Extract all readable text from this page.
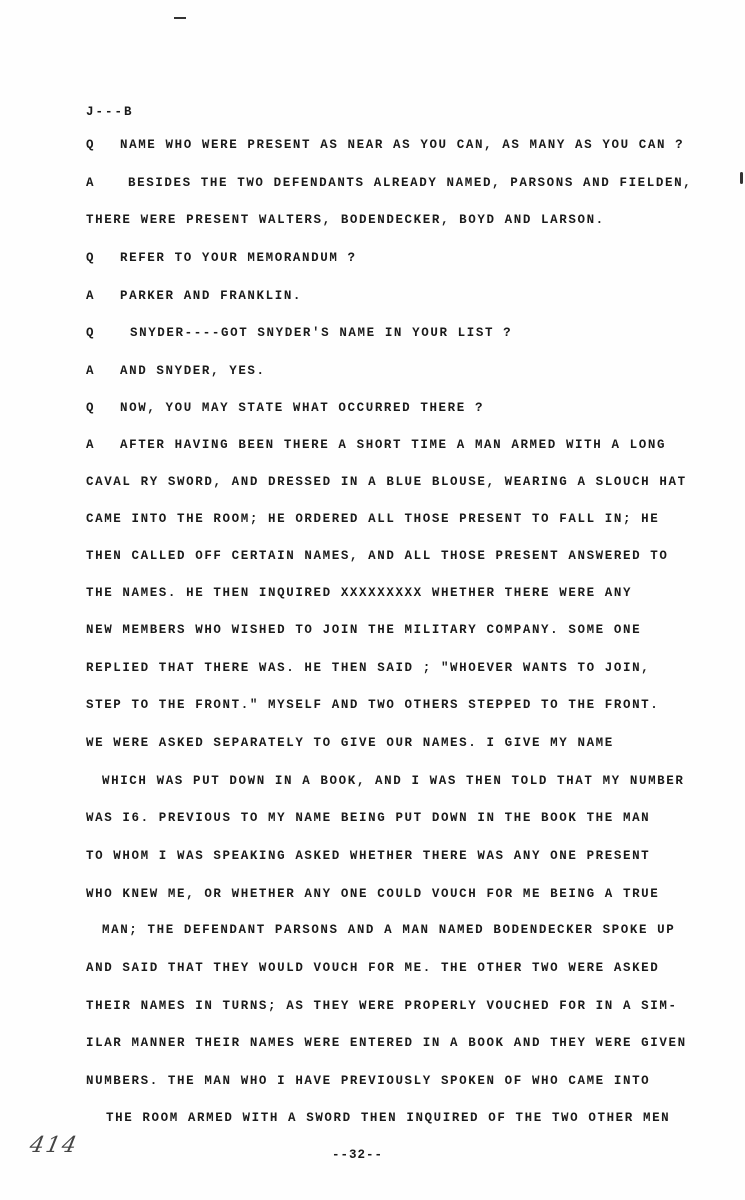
J---B
Q NAME WHO WERE PRESENT AS NEAR AS YOU CAN, AS MANY AS YOU CAN ?
A	BESIDES THE TWO DEFENDANTS ALREADY NAMED, PARSONS AND FIELDEN,
THERE WERE PRESENT WALTERS, BODENDECKER, BOYD AND LARSON.
Q REFER TO YOUR MEMORANDUM ?
A PARKER AND FRANKLIN.
Q	SNYDER----GOT SNYDER'S NAME IN YOUR LIST ?
A AND SNYDER, YES.
Q NOW, YOU MAY STATE WHAT OCCURRED THERE ?
A AFTER HAVING BEEN THERE A SHORT TIME A MAN ARMED WITH A LONG
CAVAL RY SWORD, AND DRESSED IN A BLUE BLOUSE, WEARING A SLOUCH HAT
CAME INTO THE ROOM; HE ORDERED ALL THOSE PRESENT TO FALL IN; HE
THEN CALLED OFF CERTAIN NAMES, AND ALL THOSE PRESENT ANSWERED TO
THE NAMES. HE THEN INQUIRED XXXXXXXXX WHETHER THERE WERE ANY
NEW MEMBERS WHO WISHED TO JOIN THE MILITARY COMPANY. SOME ONE
REPLIED THAT THERE WAS. HE THEN SAID ; "WHOEVER WANTS TO JOIN,
STEP TO THE FRONT." MYSELF AND TWO OTHERS STEPPED TO THE FRONT.
WE WERE ASKED SEPARATELY TO GIVE OUR NAMES. I GIVE MY NAME
WHICH WAS PUT DOWN IN A BOOK, AND I WAS THEN TOLD THAT MY NUMBER
WAS I6. PREVIOUS TO MY NAME BEING PUT DOWN IN THE BOOK THE MAN
TO WHOM I WAS SPEAKING ASKED WHETHER THERE WAS ANY ONE PRESENT
WHO KNEW ME, OR WHETHER ANY ONE COULD VOUCH FOR ME BEING A TRUE
MAN; THE DEFENDANT PARSONS AND A MAN NAMED BODENDECKER SPOKE UP
AND SAID THAT THEY WOULD VOUCH FOR ME. THE OTHER TWO WERE ASKED
THEIR NAMES IN TURNS; AS THEY WERE PROPERLY VOUCHED FOR IN A SIM-
ILAR MANNER THEIR NAMES WERE ENTERED IN A BOOK AND THEY WERE GIVEN
NUMBERS. THE MAN WHO I HAVE PREVIOUSLY SPOKEN OF WHO CAME INTO
THE ROOM ARMED WITH A SWORD THEN INQUIRED OF THE TWO OTHER MEN
414	--32--
